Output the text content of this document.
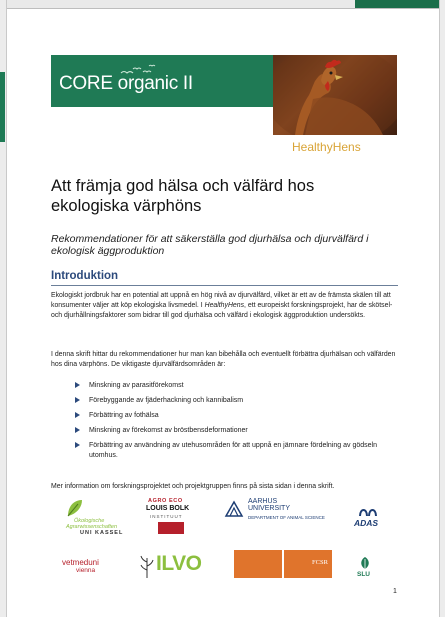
CORE organic II
HealthyHens
Att främja god hälsa och välfärd hos ekologiska värphöns
Rekommendationer för att säkerställa god djurhälsa och djurvälfärd i ekologisk äggproduktion
Introduktion
Ekologiskt jordbruk har en potential att uppnå en hög nivå av djurvälfärd, vilket är ett av de främsta skälen till att konsumenter väljer att köp ekologiska livsmedel. I HealthyHens, ett europeiskt forskningsprojekt, har de skötsel- och djurhållningsfaktorer som bidrar till god djurhälsa och välfärd i ekologisk äggproduktion undersökts.
I denna skrift hittar du rekommendationer hur man kan bibehålla och eventuellt förbättra djurhälsan och välfärden hos dina värphöns. De viktigaste djurvälfärdsområden är:
Minskning av parasitförekomst
Förebyggande av fjäderhackning och kannibalism
Förbättring av fothälsa
Minskning av förekomst av bröstbensdeformationer
Förbättring av användning av utehusområden för att uppnå en jämnare fördelning av gödseln utomhus.
Mer information om forskningsprojektet och projektgruppen finns på sista sidan i denna skrift.
Ökologische
Agrarwissenschaften
UNI KASSEL
AGRO ECO
LOUIS BOLK
INSTITUUT
AARHUS
UNIVERSITY
DEPARTMENT OF ANIMAL SCIENCE
ADAS
vetmeduni
vienna	ILVO	FCSR
SLU
1
